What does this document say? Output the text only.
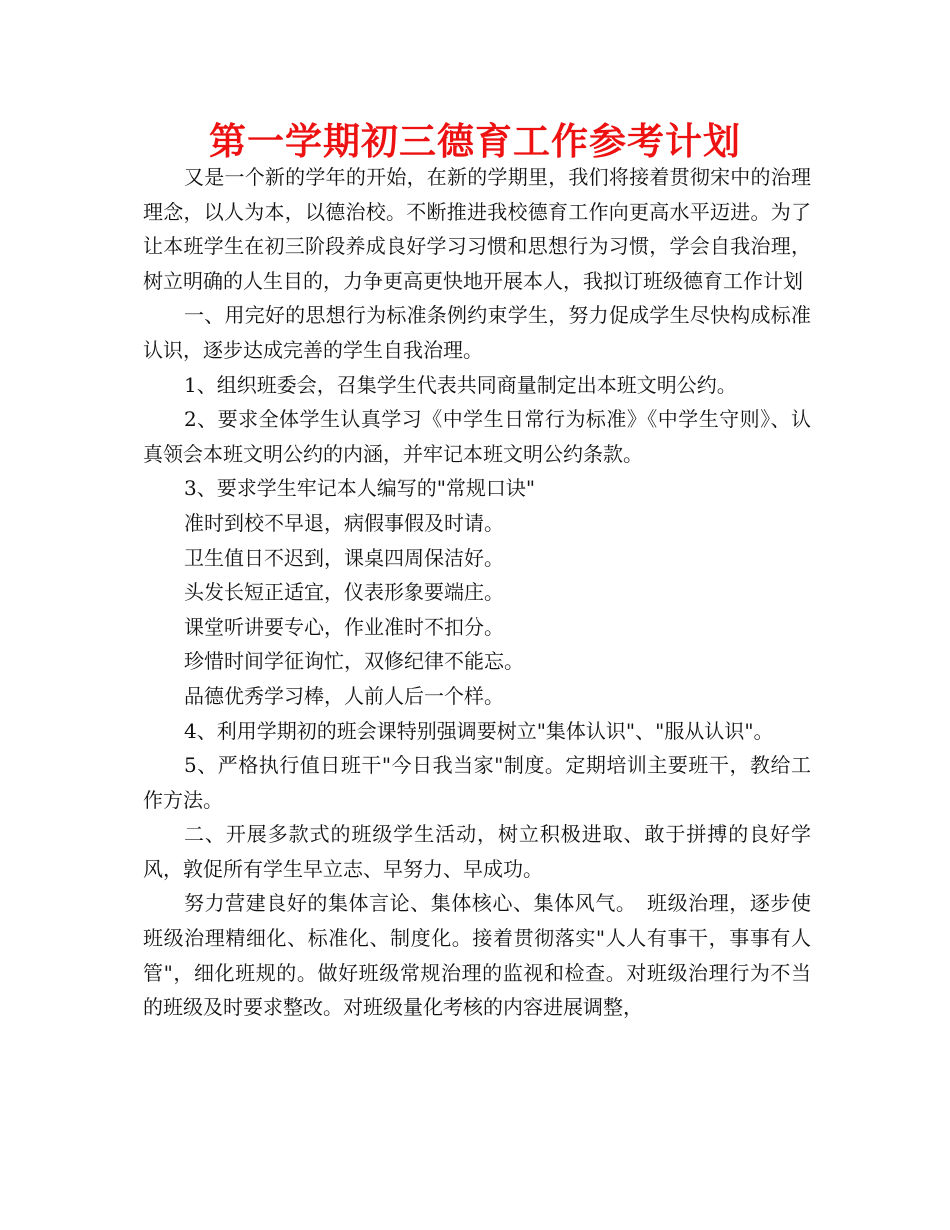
第一学期初三德育工作参考计划

又是一个新的学年的开始，在新的学期里，我们将接着贯彻宋中的治理理念，以人为本，以德治校。不断推进我校德育工作向更高水平迈进。为了让本班学生在初三阶段养成良好学习习惯和思想行为习惯，学会自我治理，树立明确的人生目的，力争更高更快地开展本人，我拟订班级德育工作计划

一、用完好的思想行为标准条例约束学生，努力促成学生尽快构成标准认识，逐步达成完善的学生自我治理。

1、组织班委会，召集学生代表共同商量制定出本班文明公约。

2、要求全体学生认真学习《中学生日常行为标准》《中学生守则》、认真领会本班文明公约的内涵，并牢记本班文明公约条款。

3、要求学生牢记本人编写的"常规口诀"

准时到校不早退，病假事假及时请。

卫生值日不迟到，课桌四周保洁好。

头发长短正适宜，仪表形象要端庄。

课堂听讲要专心，作业准时不扣分。

珍惜时间学征询忙，双修纪律不能忘。

品德优秀学习棒，人前人后一个样。

4、利用学期初的班会课特别强调要树立"集体认识"、"服从认识"。

5、严格执行值日班干"今日我当家"制度。定期培训主要班干，教给工作方法。

二、开展多款式的班级学生活动，树立积极进取、敢于拼搏的良好学风，敦促所有学生早立志、早努力、早成功。

努力营建良好的集体言论、集体核心、集体风气。　班级治理，逐步使班级治理精细化、标准化、制度化。接着贯彻落实"人人有事干，事事有人管"，细化班规的。做好班级常规治理的监视和检查。对班级治理行为不当的班级及时要求整改。对班级量化考核的内容进展调整，
